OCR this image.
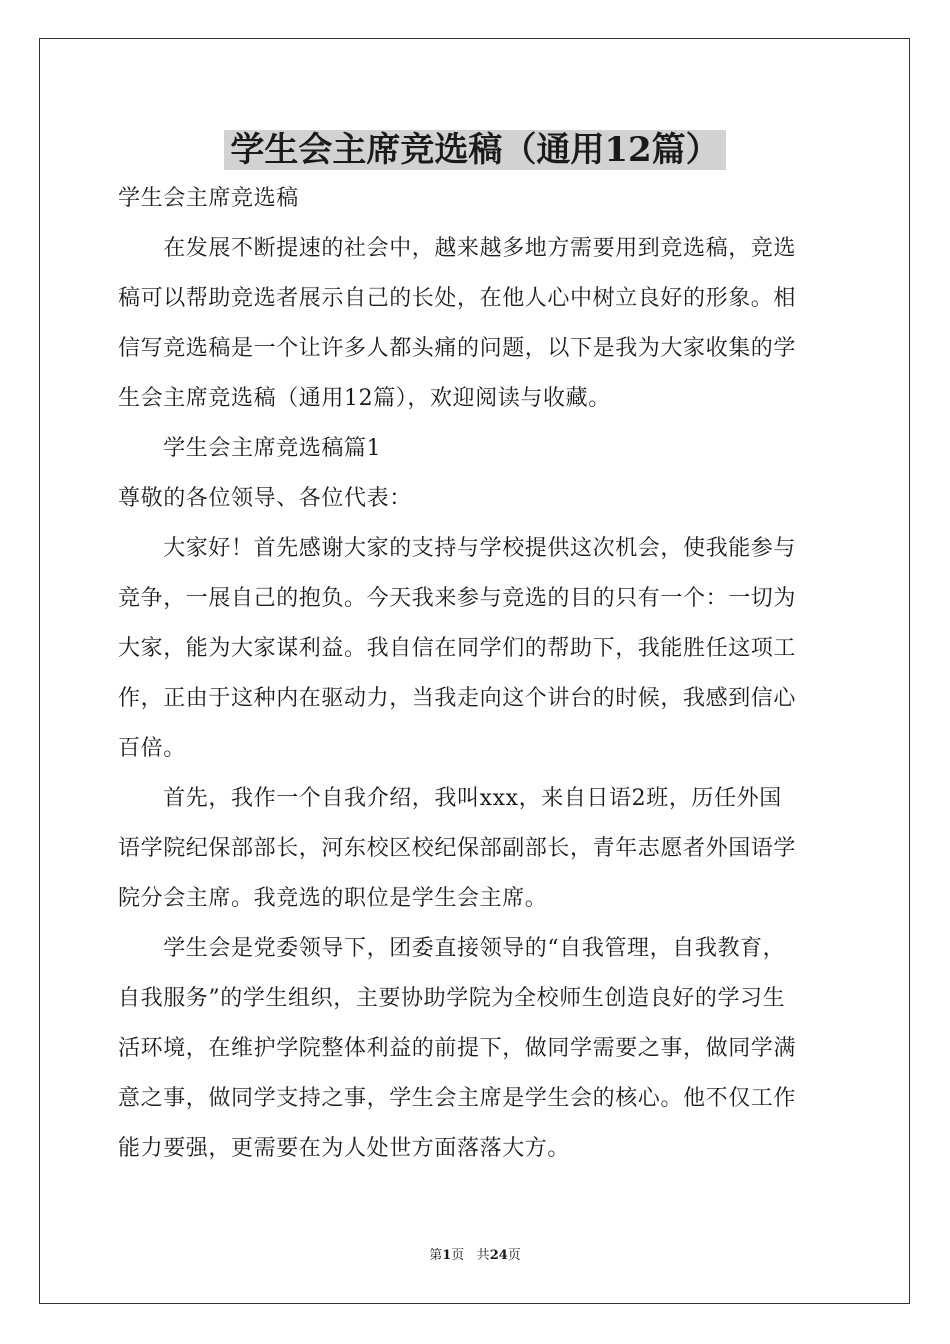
学生会主席竞选稿（通用12篇）

学生会主席竞选稿

　　在发展不断提速的社会中，越来越多地方需要用到竞选稿，竞选

稿可以帮助竞选者展示自己的长处，在他人心中树立良好的形象。相

信写竞选稿是一个让许多人都头痛的问题，以下是我为大家收集的学

生会主席竞选稿（通用12篇），欢迎阅读与收藏。

　　学生会主席竞选稿篇1

尊敬的各位领导、各位代表：

　　大家好！首先感谢大家的支持与学校提供这次机会，使我能参与

竞争，一展自己的抱负。今天我来参与竞选的目的只有一个：一切为

大家，能为大家谋利益。我自信在同学们的帮助下，我能胜任这项工

作，正由于这种内在驱动力，当我走向这个讲台的时候，我感到信心

百倍。

　　首先，我作一个自我介绍，我叫xxx，来自日语2班，历任外国

语学院纪保部部长，河东校区校纪保部副部长，青年志愿者外国语学

院分会主席。我竞选的职位是学生会主席。

　　学生会是党委领导下，团委直接领导的“自我管理，自我教育，

自我服务”的学生组织，主要协助学院为全校师生创造良好的学习生

活环境，在维护学院整体利益的前提下，做同学需要之事，做同学满

意之事，做同学支持之事，学生会主席是学生会的核心。他不仅工作

能力要强，更需要在为人处世方面落落大方。

第1页 共24页
